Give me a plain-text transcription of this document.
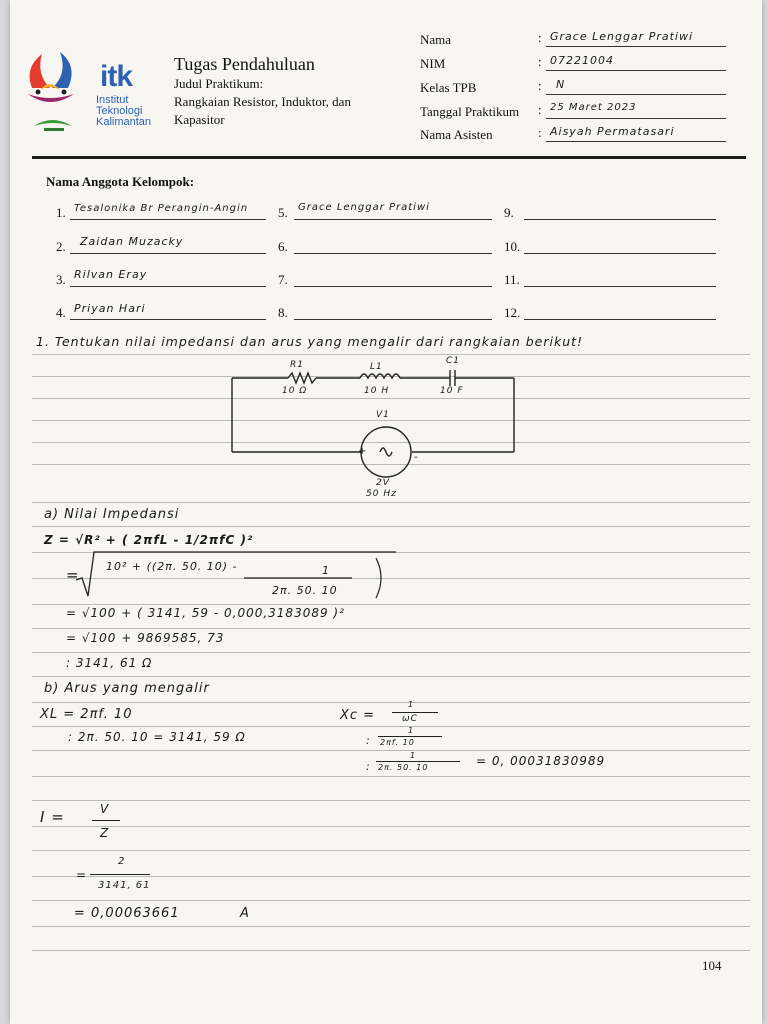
itk
Institut
Teknologi
Kalimantan
Tugas Pendahuluan
Judul Praktikum:
Rangkaian Resistor, Induktor, dan
Kapasitor
Nama	: Grace Lenggar Pratiwi
NIM	: 07221004
Kelas TPB	: N
Tanggal Praktikum : 25 Maret 2023
Nama Asisten	: Aisyah Permatasari
Nama Anggota Kelompok:
1. Tesalonika Br Perangin-Angin
2. Zaidan Muzacky
3. Rilvan Eray
4. Priyan Hari
5. Grace Lenggar Pratiwi
6.
7.
8.
9.
10.
11.
12.
1. Tentukan nilai impedansi dan arus yang mengalir dari rangkaian berikut!
R1
10 Ω
L1
10 H
C1
10 F
V1
+
-
2V
50 Hz
a) Nilai Impedansi
Z = √R² + ( 2πfL - 1/2πfC )²
= 10² + ((2π. 50. 10) -	1
2π. 50. 10
= √100 + ( 3141, 59 - 0,000,3183089 )²
= √100 + 9869585, 73
: 3141, 61 Ω
b) Arus yang mengalir
XL = 2πf. 10
: 2π. 50. 10 = 3141, 59 Ω
Xc =
1
ωC
:
1
2πf. 10
:
1
2π. 50. 10	= 0, 00031830989
I =	V
Z
=
2
3141, 61
= 0,00063661	A
104
